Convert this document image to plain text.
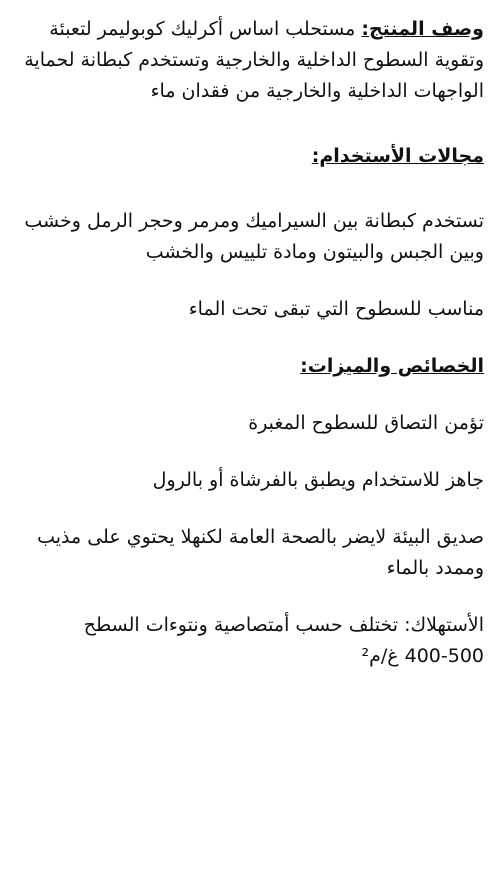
وصف المنتج: مستحلب اساس أكرليك كوبوليمر لتعبئة وتقوية السطوح الداخلية والخارجية وتستخدم كبطانة لحماية الواجهات الداخلية والخارجية من فقدان ماء

مجالات الأستخدام:

تستخدم كبطانة بين السيراميك ومرمر وحجر الرمل وخشب وبين الجبس والبيتون ومادة تلييس والخشب

مناسب للسطوح التي تبقى تحت الماء

الخصائص والميزات:

تؤمن التصاق للسطوح المغبرة

جاهز للاستخدام ويطبق بالفرشاة أو بالرول

صديق البيئة لايضر بالصحة العامة لكنهلا يحتوي على مذيب وممدد بالماء

الأستهلاك: تختلف حسب أمتصاصية ونتوءات السطح

400-500 غ/م²
